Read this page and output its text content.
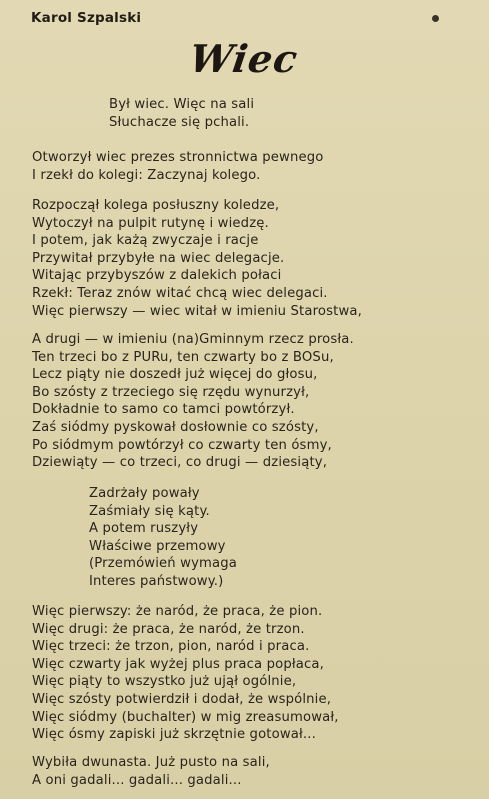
Karol Szpalski
Wiec
Był wiec. Więc na sali
Słuchacze się pchali.
Otworzył wiec prezes stronnictwa pewnego
I rzekł do kolegi: Zaczynaj kolego.
Rozpoczął kolega posłuszny koledze,
Wytoczył na pulpit rutynę i wiedzę.
I potem, jak każą zwyczaje i racje
Przywitał przybyłe na wiec delegacje.
Witając przybyszów z dalekich połaci
Rzekł: Teraz znów witać chcą wiec delegaci.
Więc pierwszy — wiec witał w imieniu Starostwa,
A drugi — w imieniu (na)Gminnym rzecz prosła.
Ten trzeci bo z PURu, ten czwarty bo z BOSu,
Lecz piąty nie doszedł już więcej do głosu,
Bo szósty z trzeciego się rzędu wynurzył,
Dokładnie to samo co tamci powtórzył.
Zaś siódmy pyskował dosłownie co szósty,
Po siódmym powtórzył co czwarty ten ósmy,
Dziewiąty — co trzeci, co drugi — dziesiąty,
Zadrżały powały
Zaśmiały się kąty.
A potem ruszyły
Właściwe przemowy
(Przemówień wymaga
Interes państwowy.)
Więc pierwszy: że naród, że praca, że pion.
Więc drugi: że praca, że naród, że trzon.
Więc trzeci: że trzon, pion, naród i praca.
Więc czwarty jak wyżej plus praca popłaca,
Więc piąty to wszystko już ujął ogólnie,
Więc szósty potwierdził i dodał, że wspólnie,
Więc siódmy (buchalter) w mig zreasumował,
Więc ósmy zapiski już skrzętnie gotował...
Wybiła dwunasta. Już pusto na sali,
A oni gadali... gadali... gadali...
